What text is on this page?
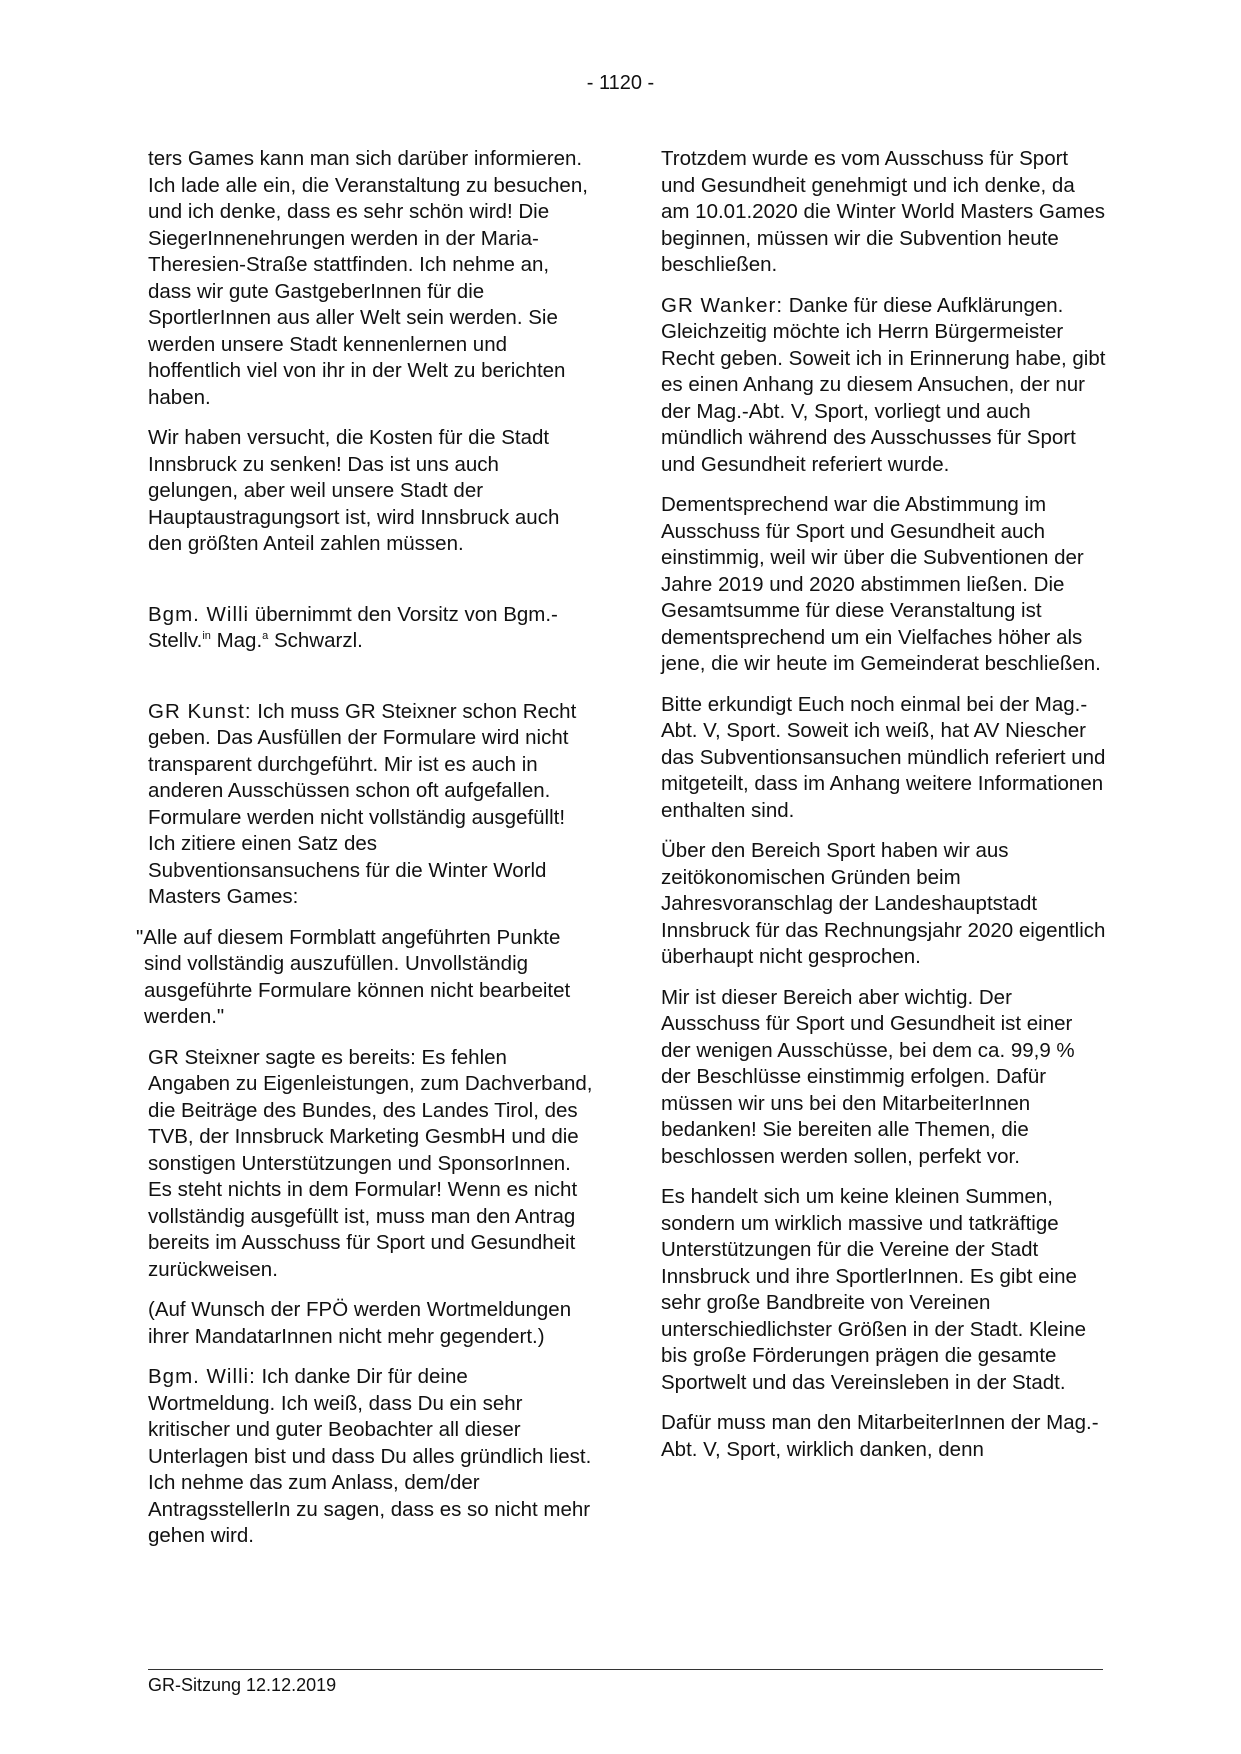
- 1120 -

ters Games kann man sich darüber informieren. Ich lade alle ein, die Veranstaltung zu besuchen, und ich denke, dass es sehr schön wird! Die SiegerInnenehrungen werden in der Maria-Theresien-Straße stattfinden. Ich nehme an, dass wir gute GastgeberInnen für die SportlerInnen aus aller Welt sein werden. Sie werden unsere Stadt kennenlernen und hoffentlich viel von ihr in der Welt zu berichten haben.

Wir haben versucht, die Kosten für die Stadt Innsbruck zu senken! Das ist uns auch gelungen, aber weil unsere Stadt der Hauptaustragungsort ist, wird Innsbruck auch den größten Anteil zahlen müssen.

Bgm. Willi übernimmt den Vorsitz von Bgm.-Stellv.$^{in}$ Mag.$^a$ Schwarzl.

GR Kunst: Ich muss GR Steixner schon Recht geben. Das Ausfüllen der Formulare wird nicht transparent durchgeführt. Mir ist es auch in anderen Ausschüssen schon oft aufgefallen. Formulare werden nicht vollständig ausgefüllt! Ich zitiere einen Satz des Subventionsansuchens für die Winter World Masters Games:

"Alle auf diesem Formblatt angeführten Punkte sind vollständig auszufüllen. Unvollständig ausgeführte Formulare können nicht bearbeitet werden."

GR Steixner sagte es bereits: Es fehlen Angaben zu Eigenleistungen, zum Dachverband, die Beiträge des Bundes, des Landes Tirol, des TVB, der Innsbruck Marketing GesmbH und die sonstigen Unterstützungen und SponsorInnen. Es steht nichts in dem Formular! Wenn es nicht vollständig ausgefüllt ist, muss man den Antrag bereits im Ausschuss für Sport und Gesundheit zurückweisen.

(Auf Wunsch der FPÖ werden Wortmeldungen ihrer MandatarInnen nicht mehr gegendert.)

Bgm. Willi: Ich danke Dir für deine Wortmeldung. Ich weiß, dass Du ein sehr kritischer und guter Beobachter all dieser Unterlagen bist und dass Du alles gründlich liest. Ich nehme das zum Anlass, dem/der AntragsstellerIn zu sagen, dass es so nicht mehr gehen wird.

Trotzdem wurde es vom Ausschuss für Sport und Gesundheit genehmigt und ich denke, da am 10.01.2020 die Winter World Masters Games beginnen, müssen wir die Subvention heute beschließen.

GR Wanker: Danke für diese Aufklärungen. Gleichzeitig möchte ich Herrn Bürgermeister Recht geben. Soweit ich in Erinnerung habe, gibt es einen Anhang zu diesem Ansuchen, der nur der Mag.-Abt. V, Sport, vorliegt und auch mündlich während des Ausschusses für Sport und Gesundheit referiert wurde.

Dementsprechend war die Abstimmung im Ausschuss für Sport und Gesundheit auch einstimmig, weil wir über die Subventionen der Jahre 2019 und 2020 abstimmen ließen. Die Gesamtsumme für diese Veranstaltung ist dementsprechend um ein Vielfaches höher als jene, die wir heute im Gemeinderat beschließen.

Bitte erkundigt Euch noch einmal bei der Mag.-Abt. V, Sport. Soweit ich weiß, hat AV Niescher das Subventionsansuchen mündlich referiert und mitgeteilt, dass im Anhang weitere Informationen enthalten sind.

Über den Bereich Sport haben wir aus zeitökonomischen Gründen beim Jahresvoranschlag der Landeshauptstadt Innsbruck für das Rechnungsjahr 2020 eigentlich überhaupt nicht gesprochen.

Mir ist dieser Bereich aber wichtig. Der Ausschuss für Sport und Gesundheit ist einer der wenigen Ausschüsse, bei dem ca. 99,9 % der Beschlüsse einstimmig erfolgen. Dafür müssen wir uns bei den MitarbeiterInnen bedanken! Sie bereiten alle Themen, die beschlossen werden sollen, perfekt vor.

Es handelt sich um keine kleinen Summen, sondern um wirklich massive und tatkräftige Unterstützungen für die Vereine der Stadt
Innsbruck und ihre SportlerInnen. Es gibt eine sehr große Bandbreite von Vereinen unterschiedlichster Größen in der Stadt. Kleine bis große Förderungen prägen die gesamte Sportwelt und das Vereinsleben in der Stadt.

Dafür muss man den MitarbeiterInnen der Mag.-Abt. V, Sport, wirklich danken, denn

GR-Sitzung 12.12.2019
